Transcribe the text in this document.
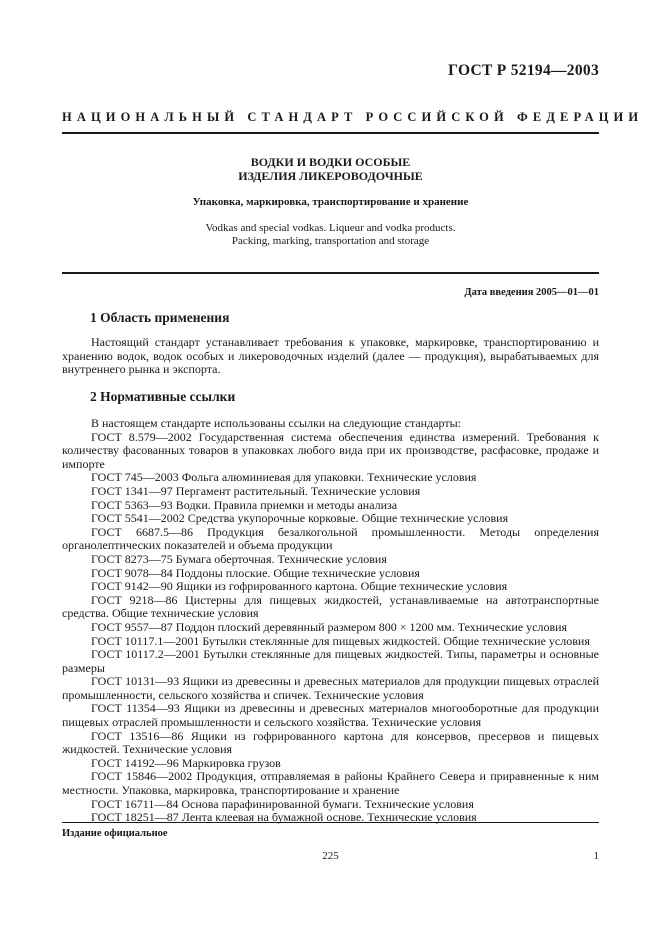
ГОСТ Р 52194—2003
НАЦИОНАЛЬНЫЙ СТАНДАРТ РОССИЙСКОЙ ФЕДЕРАЦИИ
ВОДКИ И ВОДКИ ОСОБЫЕ
ИЗДЕЛИЯ ЛИКЕРОВОДОЧНЫЕ
Упаковка, маркировка, транспортирование и хранение
Vodkas and special vodkas. Liqueur and vodka products.
Packing, marking, transportation and storage
Дата введения 2005—01—01
1 Область применения

Настоящий стандарт устанавливает требования к упаковке, маркировке, транспортированию и хранению водок, водок особых и ликероводочных изделий (далее — продукция), вырабатываемых для внутреннего рынка и экспорта.

2 Нормативные ссылки

В настоящем стандарте использованы ссылки на следующие стандарты:

ГОСТ 8.579—2002 Государственная система обеспечения единства измерений. Требования к количеству фасованных товаров в упаковках любого вида при их производстве, расфасовке, продаже и импорте

ГОСТ 745—2003 Фольга алюминиевая для упаковки. Технические условия

ГОСТ 1341—97 Пергамент растительный. Технические условия

ГОСТ 5363—93 Водки. Правила приемки и методы анализа

ГОСТ 5541—2002 Средства укупорочные корковые. Общие технические условия

ГОСТ 6687.5—86 Продукция безалкогольной промышленности. Методы определения органолептических показателей и объема продукции

ГОСТ 8273—75 Бумага оберточная. Технические условия

ГОСТ 9078—84 Поддоны плоские. Общие технические условия

ГОСТ 9142—90 Ящики из гофрированного картона. Общие технические условия

ГОСТ 9218—86 Цистерны для пищевых жидкостей, устанавливаемые на автотранспортные средства. Общие технические условия

ГОСТ 9557—87 Поддон плоский деревянный размером 800 × 1200 мм. Технические условия

ГОСТ 10117.1—2001 Бутылки стеклянные для пищевых жидкостей. Общие технические условия

ГОСТ 10117.2—2001 Бутылки стеклянные для пищевых жидкостей. Типы, параметры и основные размеры

ГОСТ 10131—93 Ящики из древесины и древесных материалов для продукции пищевых отраслей промышленности, сельского хозяйства и спичек. Технические условия

ГОСТ 11354—93 Ящики из древесины и древесных материалов многооборотные для продукции пищевых отраслей промышленности и сельского хозяйства. Технические условия

ГОСТ 13516—86 Ящики из гофрированного картона для консервов, пресервов и пищевых жидкостей. Технические условия

ГОСТ 14192—96 Маркировка грузов

ГОСТ 15846—2002 Продукция, отправляемая в районы Крайнего Севера и приравненные к ним местности. Упаковка, маркировка, транспортирование и хранение

ГОСТ 16711—84 Основа парафинированной бумаги. Технические условия

ГОСТ 18251—87 Лента клеевая на бумажной основе. Технические условия

Издание официальное
225	1
